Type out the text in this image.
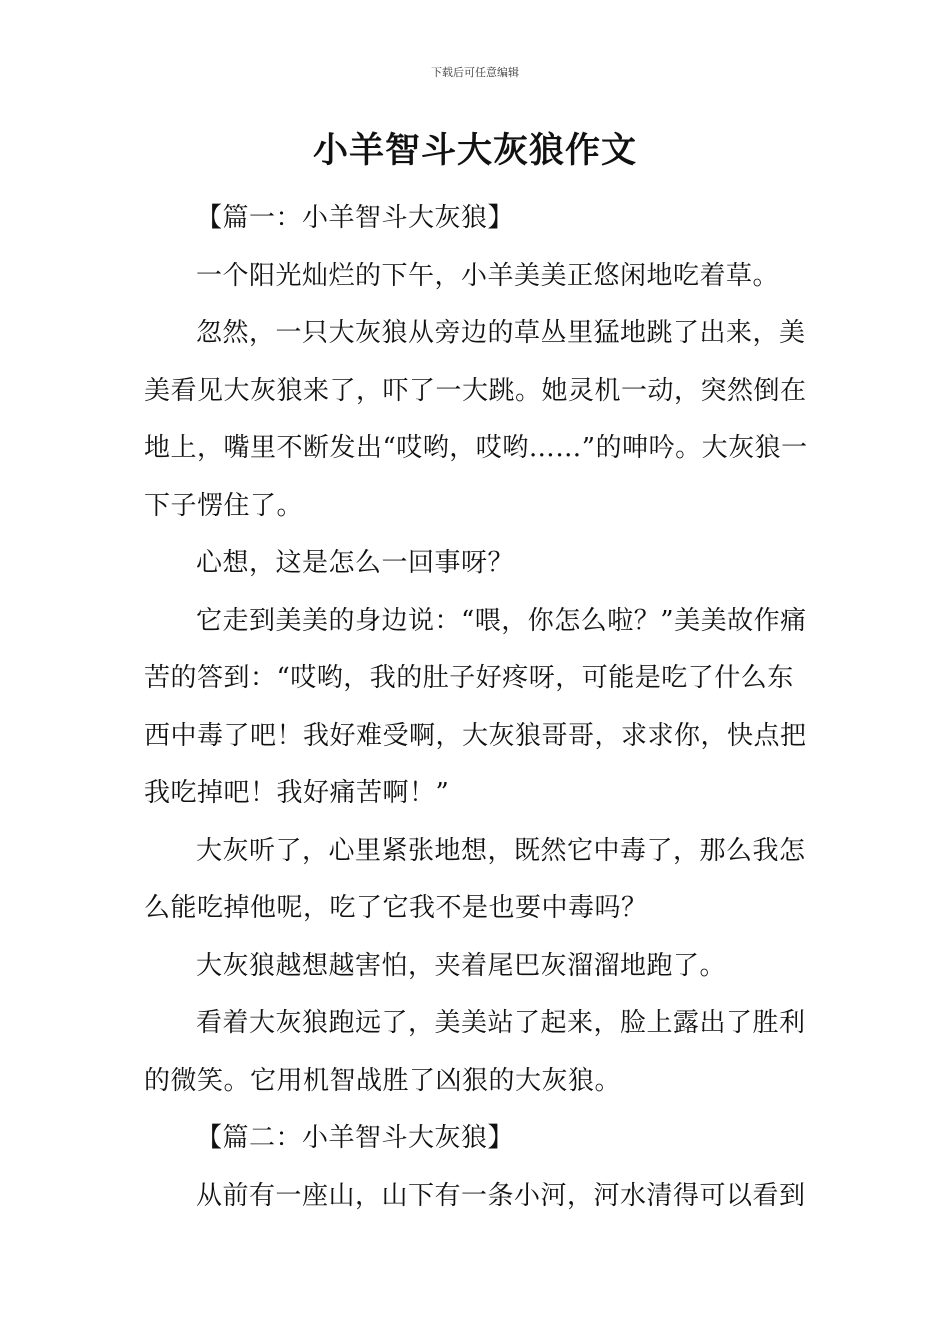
下载后可任意编辑
小羊智斗大灰狼作文

【篇一：小羊智斗大灰狼】

一个阳光灿烂的下午，小羊美美正悠闲地吃着草。

忽然，一只大灰狼从旁边的草丛里猛地跳了出来，美美看见大灰狼来了，吓了一大跳。她灵机一动，突然倒在地上，嘴里不断发出“哎哟，哎哟……”的呻吟。大灰狼一下子愣住了。

心想，这是怎么一回事呀？

它走到美美的身边说：“喂，你怎么啦？”美美故作痛苦的答到：“哎哟，我的肚子好疼呀，可能是吃了什么东西中毒了吧！我好难受啊，大灰狼哥哥，求求你，快点把我吃掉吧！我好痛苦啊！”

大灰听了，心里紧张地想，既然它中毒了，那么我怎么能吃掉他呢，吃了它我不是也要中毒吗？

大灰狼越想越害怕，夹着尾巴灰溜溜地跑了。

看着大灰狼跑远了，美美站了起来，脸上露出了胜利的微笑。它用机智战胜了凶狠的大灰狼。

【篇二：小羊智斗大灰狼】

从前有一座山，山下有一条小河，河水清得可以看到
